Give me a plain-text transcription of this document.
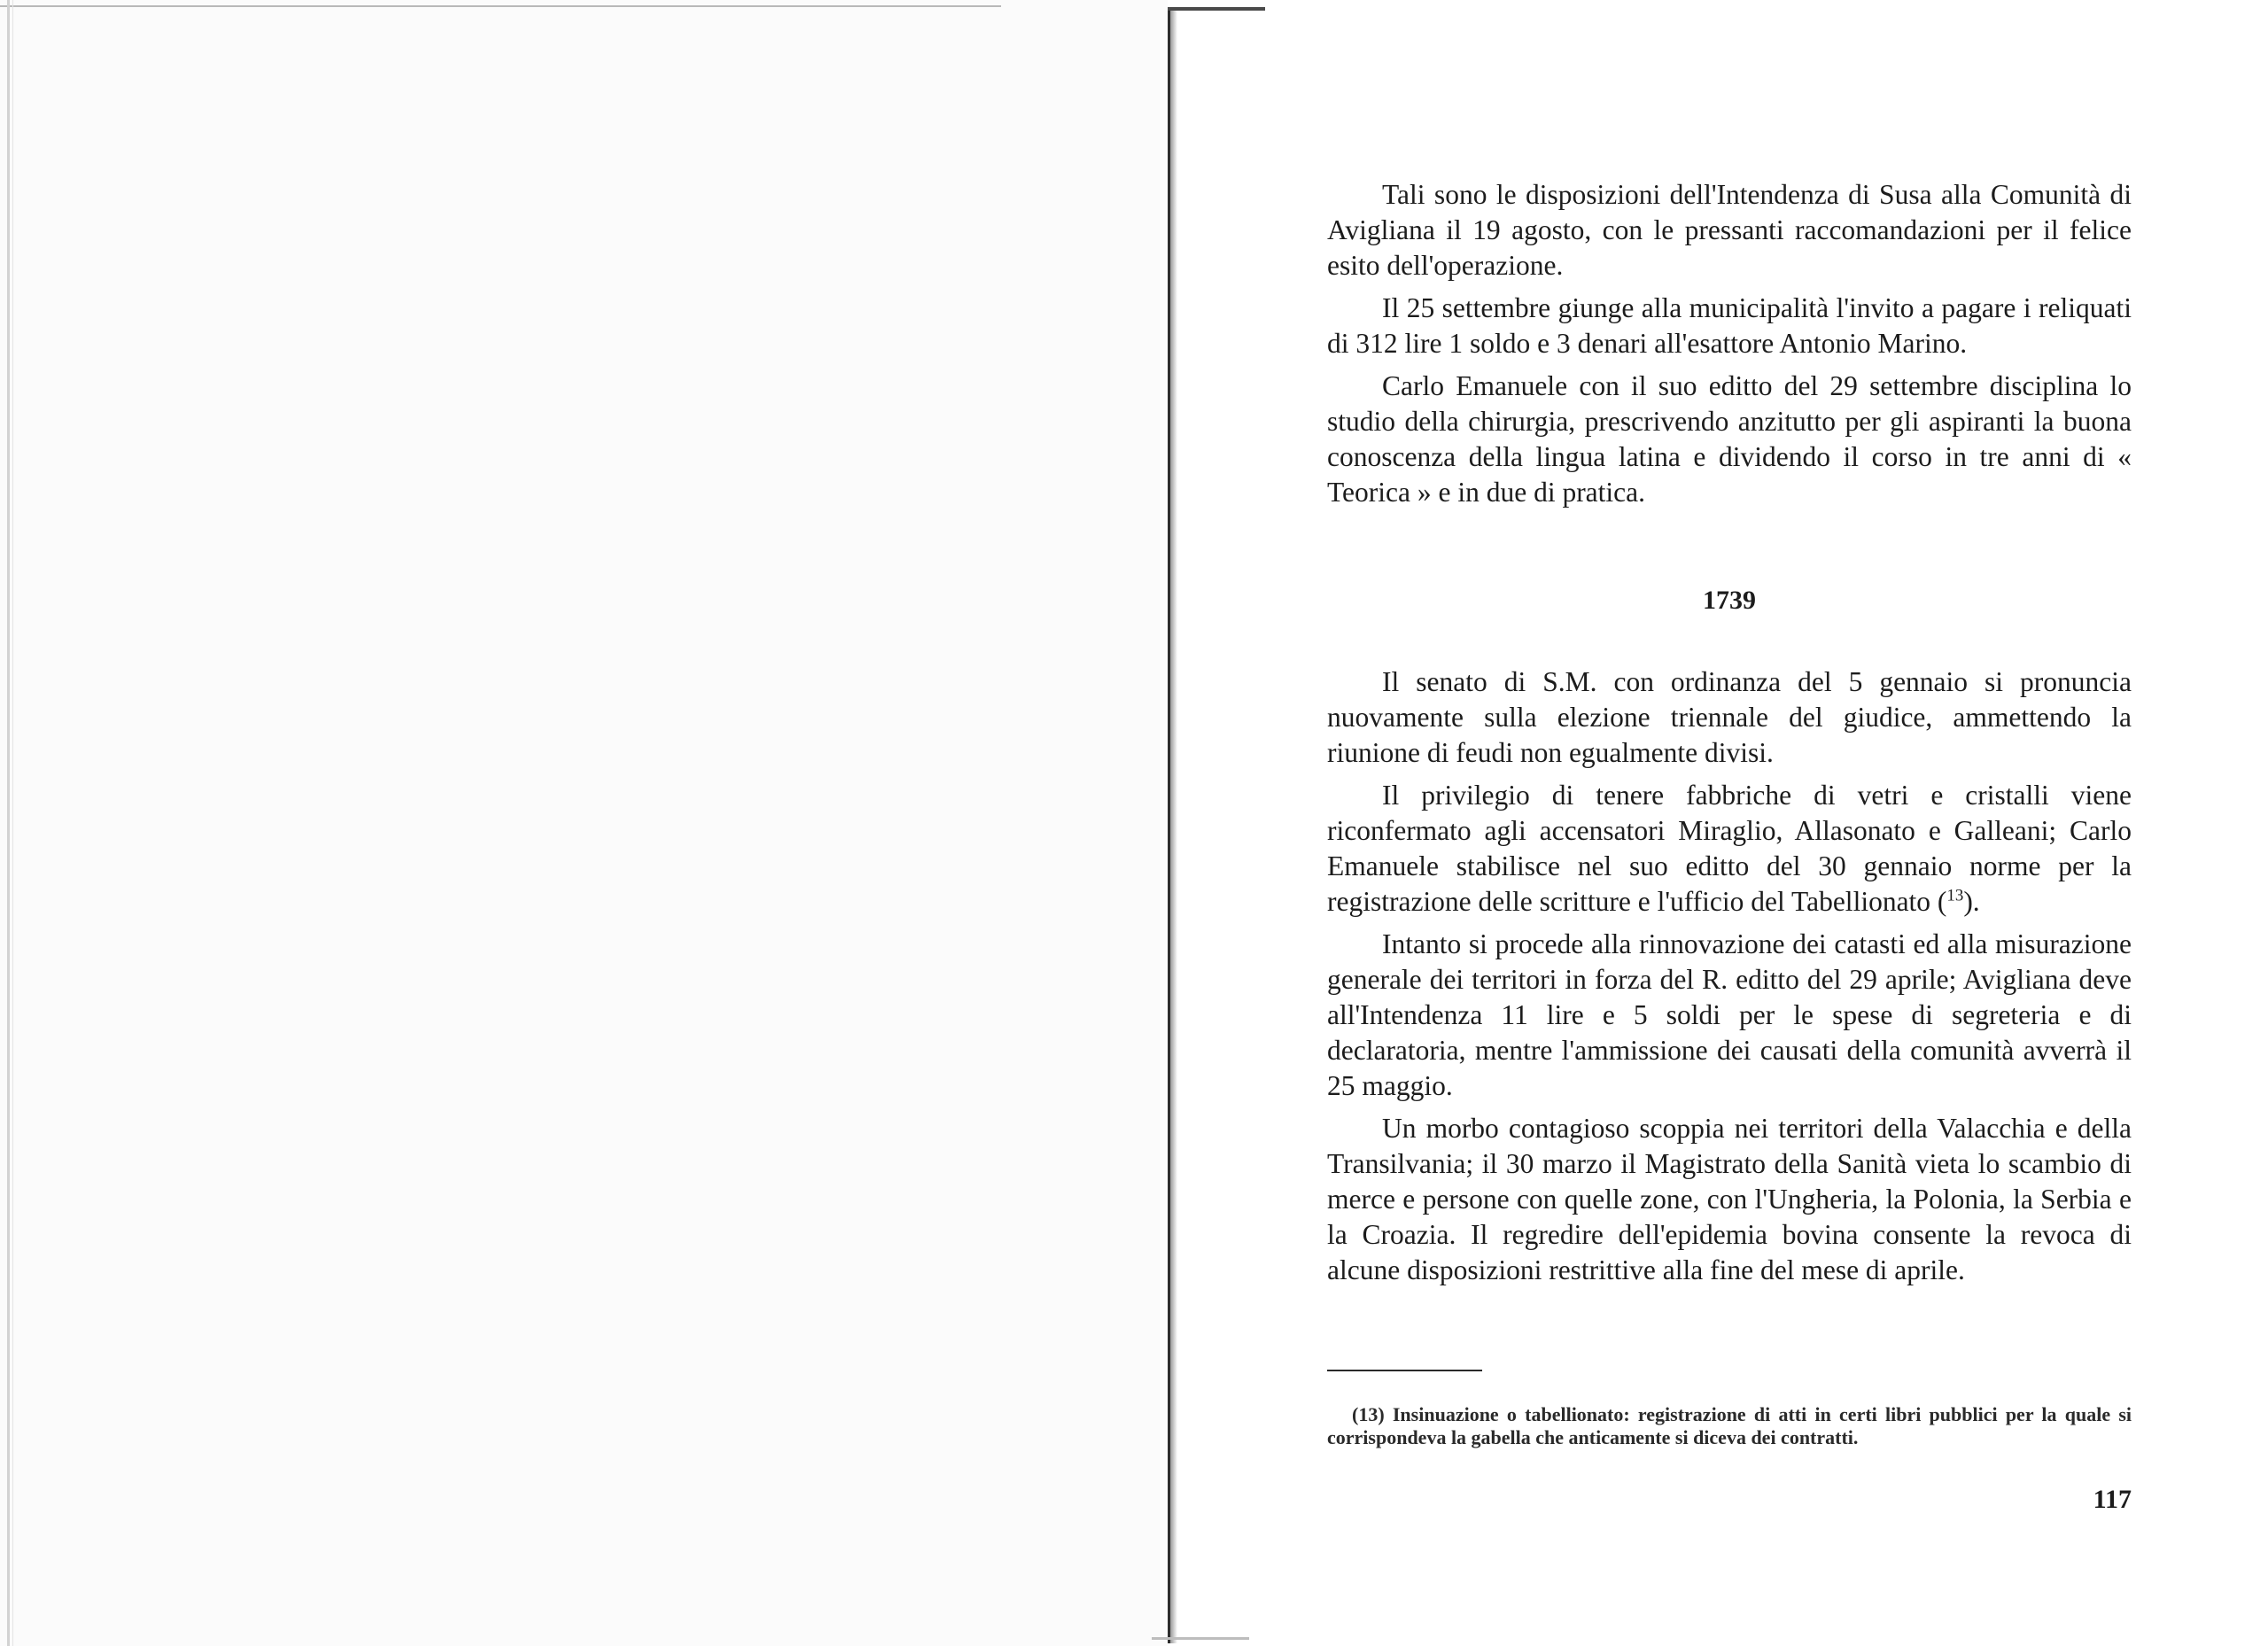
Tali sono le disposizioni dell'Intendenza di Susa alla Comunità di Avigliana il 19 agosto, con le pressanti raccomandazioni per il felice esito dell'operazione.

Il 25 settembre giunge alla municipalità l'invito a pagare i reliquati di 312 lire 1 soldo e 3 denari all'esattore Antonio Marino.

Carlo Emanuele con il suo editto del 29 settembre disciplina lo studio della chirurgia, prescrivendo anzitutto per gli aspiranti la buona conoscenza della lingua latina e dividendo il corso in tre anni di « Teorica » e in due di pratica.

1739

Il senato di S.M. con ordinanza del 5 gennaio si pronuncia nuovamente sulla elezione triennale del giudice, ammettendo la riunione di feudi non egualmente divisi.

Il privilegio di tenere fabbriche di vetri e cristalli viene riconfermato agli accensatori Miraglio, Allasonato e Galleani; Carlo Emanuele stabilisce nel suo editto del 30 gennaio norme per la registrazione delle scritture e l'ufficio del Tabellionato ($^{13}$).

Intanto si procede alla rinnovazione dei catasti ed alla misurazione generale dei territori in forza del R. editto del 29 aprile; Avigliana deve all'Intendenza 11 lire e 5 soldi per le spese di segreteria e di declaratoria, mentre l'ammissione dei causati della comunità avverrà il 25 maggio.

Un morbo contagioso scoppia nei territori della Valacchia e della Transilvania; il 30 marzo il Magistrato della Sanità vieta lo scambio di merce e persone con quelle zone, con l'Ungheria, la Polonia, la Serbia e la Croazia. Il regredire dell'epidemia bovina consente la revoca di alcune disposizioni restrittive alla fine del mese di aprile.

(13) Insinuazione o tabellionato: registrazione di atti in certi libri pubblici per la quale si corrispondeva la gabella che anticamente si diceva dei contratti.

117
